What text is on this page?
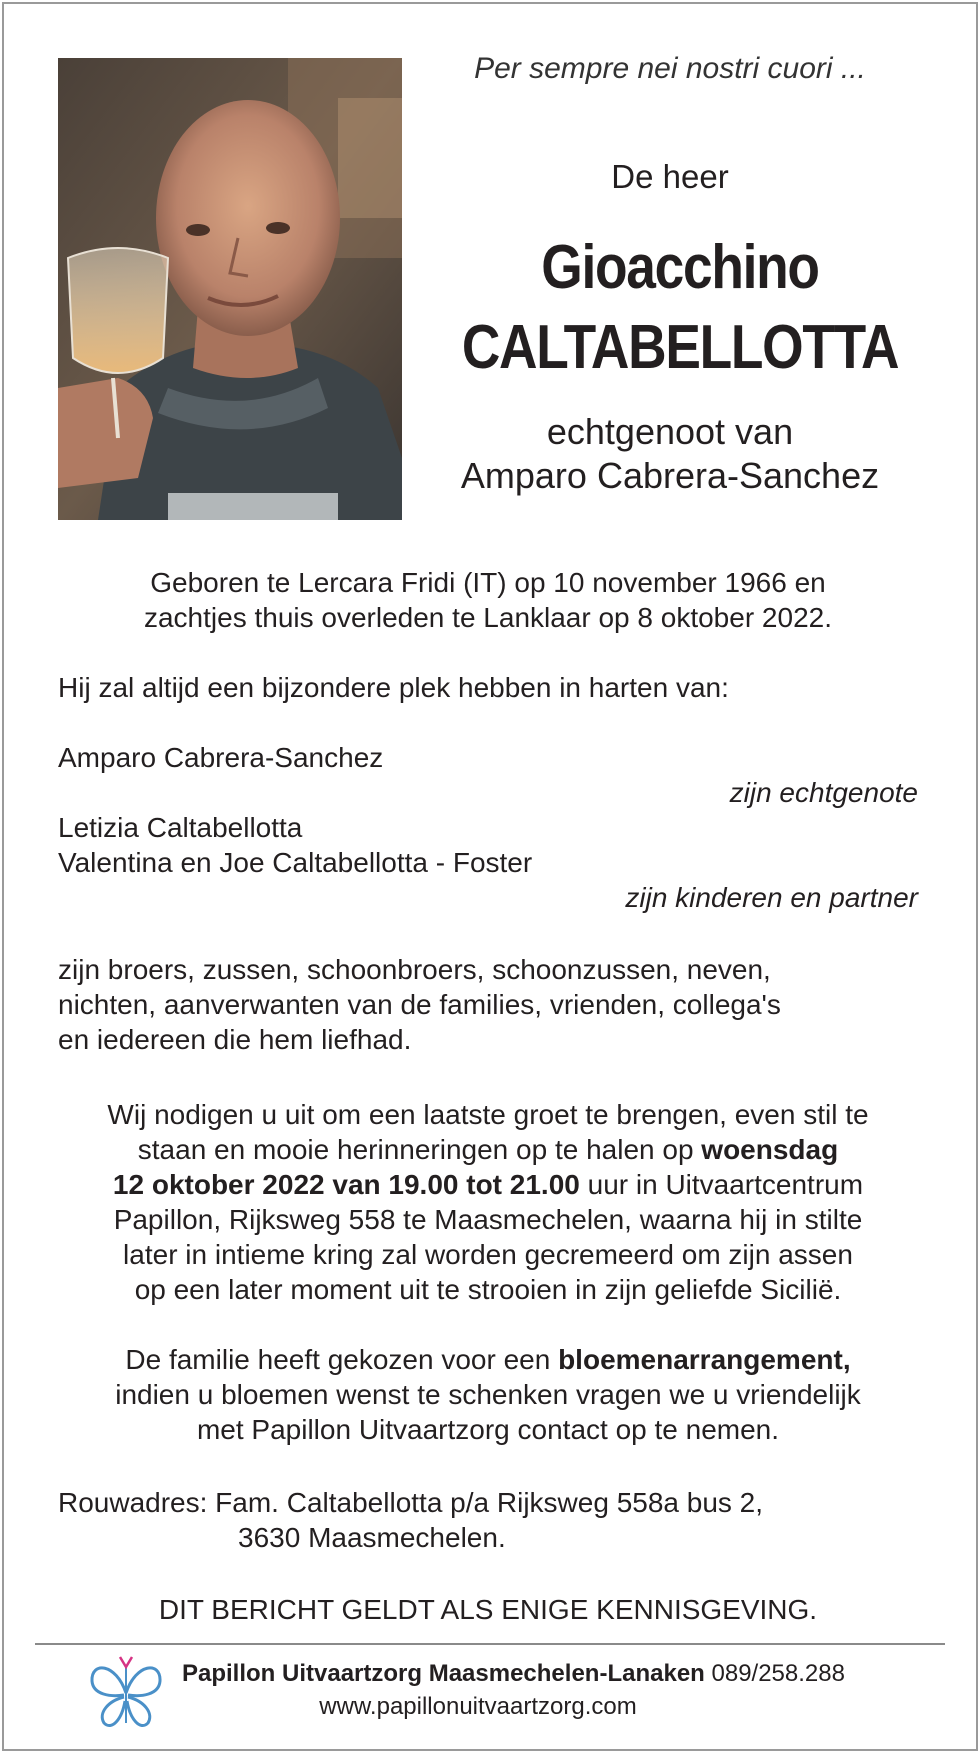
Per sempre nei nostri cuori ...
De heer
Gioacchino
CALTABELLOTTA
echtgenoot van
Amparo Cabrera-Sanchez
Geboren te Lercara Fridi (IT) op 10 november 1966 en
zachtjes thuis overleden te Lanklaar op 8 oktober 2022.
Hij zal altijd een bijzondere plek hebben in harten van:
Amparo Cabrera-Sanchez
zijn echtgenote
Letizia Caltabellotta
Valentina en Joe Caltabellotta - Foster
zijn kinderen en partner
zijn broers, zussen, schoonbroers, schoonzussen, neven,
nichten, aanverwanten van de families, vrienden, collega's
en iedereen die hem liefhad.
Wij nodigen u uit om een laatste groet te brengen, even stil te
staan en mooie herinneringen op te halen op woensdag
12 oktober 2022 van 19.00 tot 21.00 uur in Uitvaartcentrum
Papillon, Rijksweg 558 te Maasmechelen, waarna hij in stilte
later in intieme kring zal worden gecremeerd om zijn assen
op een later moment uit te strooien in zijn geliefde Sicilië.
De familie heeft gekozen voor een bloemenarrangement,
indien u bloemen wenst te schenken vragen we u vriendelijk
met Papillon Uitvaartzorg contact op te nemen.
Rouwadres: Fam. Caltabellotta p/a Rijksweg 558a bus 2,
3630 Maasmechelen.
DIT BERICHT GELDT ALS ENIGE KENNISGEVING.
Papillon Uitvaartzorg Maasmechelen-Lanaken 089/258.288
www.papillonuitvaartzorg.com
